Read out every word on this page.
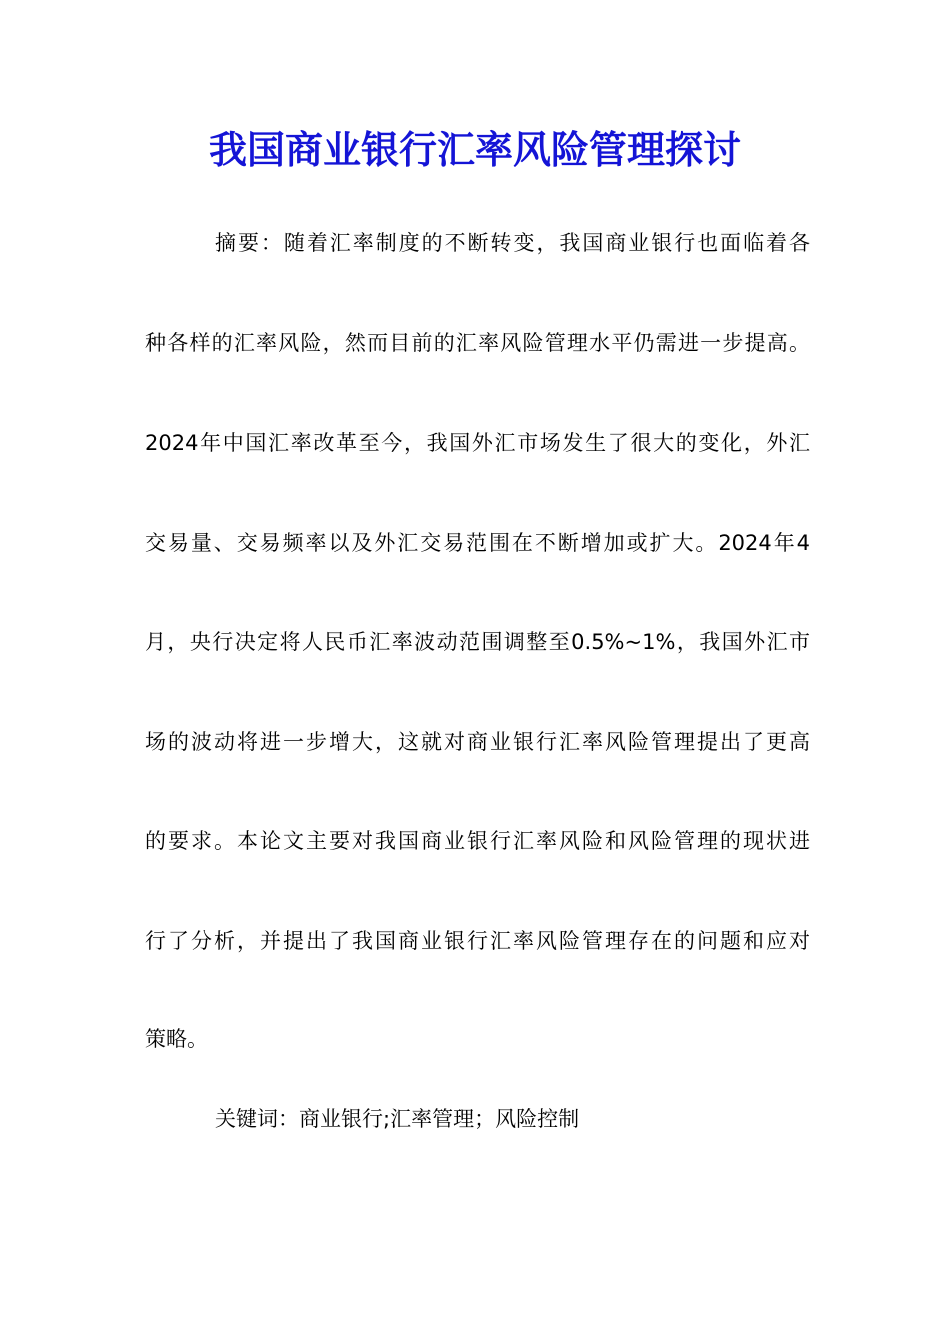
我国商业银行汇率风险管理探讨
摘要：随着汇率制度的不断转变，我国商业银行也面临着各
种各样的汇率风险，然而目前的汇率风险管理水平仍需进一步提高。
2024年中国汇率改革至今，我国外汇市场发生了很大的变化，外汇
交易量、交易频率以及外汇交易范围在不断增加或扩大。2024年4
月，央行决定将人民币汇率波动范围调整至0.5%~1%，我国外汇市
场的波动将进一步增大，这就对商业银行汇率风险管理提出了更高
的要求。本论文主要对我国商业银行汇率风险和风险管理的现状进
行了分析，并提出了我国商业银行汇率风险管理存在的问题和应对
策略。
关键词：商业银行;汇率管理；风险控制
